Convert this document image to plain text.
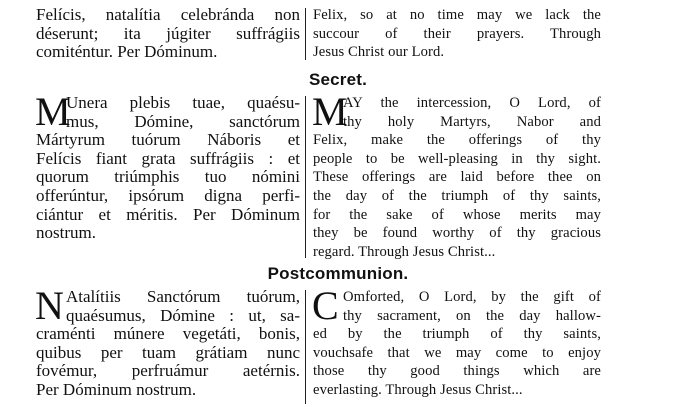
Felícis, natalítia celebránda non
déserunt; ita júgiter suffrágiis
comiténtur. Per Dóminum.
Felix, so at no time may we lack the
succour of their prayers. Through
Jesus Christ our Lord.
Secret.
M
Unera plebis tuae, quaésu-
mus, Dómine, sanctórum
Mártyrum tuórum Náboris et
Felícis fiant grata suffrágiis : et
quorum triúmphis tuo nómini
offerúntur, ipsórum digna perfi-
ciántur et méritis. Per Dóminum
nostrum.
M
AY the intercession, O Lord, of
thy holy Martyrs, Nabor and
Felix, make the offerings of thy
people to be well-pleasing in thy sight.
These offerings are laid before thee on
the day of the triumph of thy saints,
for the sake of whose merits may
they be found worthy of thy gracious
regard. Through Jesus Christ...
Postcommunion.
N Atalítiis Sanctórum tuórum,
quaésumus, Dómine : ut, sa-
craménti múnere vegetáti, bonis,
quibus per tuam grátiam nunc
fovémur, perfruámur aetérnis.
Per Dóminum nostrum.
C Omforted, O Lord, by the gift of
thy sacrament, on the day hallow-
ed by the triumph of thy saints,
vouchsafe that we may come to enjoy
those thy good things which are
everlasting. Through Jesus Christ...
